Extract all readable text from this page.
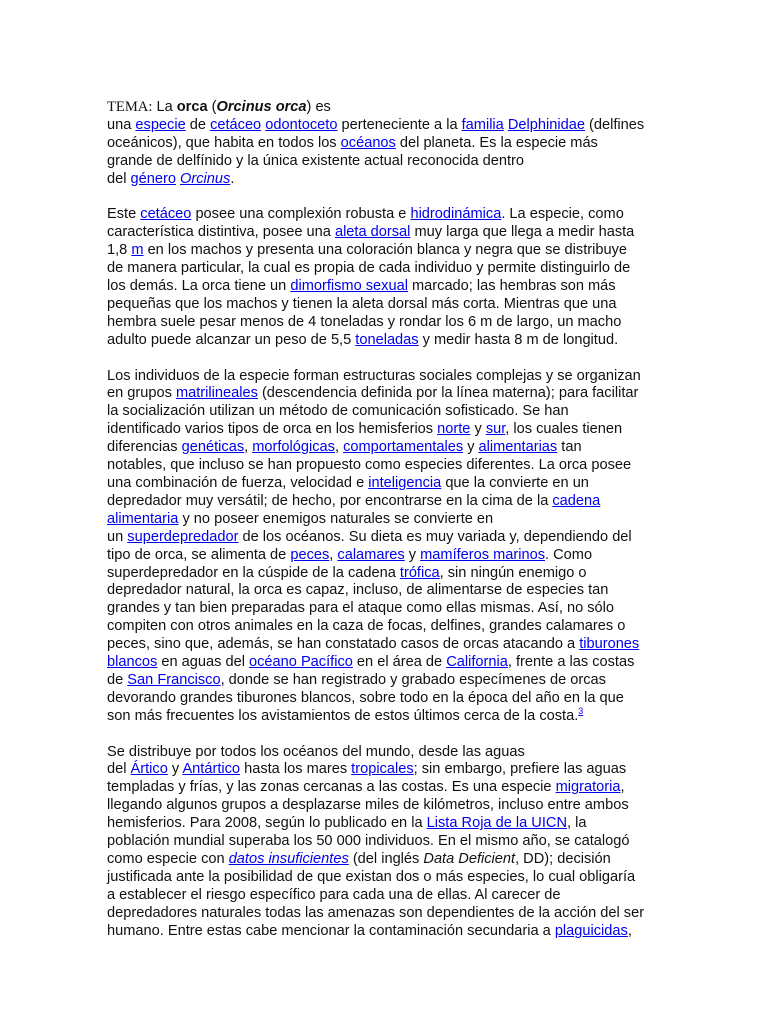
TEMA: La orca (Orcinus orca) es
una especie de cetáceo odontoceto perteneciente a la familia Delphinidae (delfines
oceánicos), que habita en todos los océanos del planeta. Es la especie más
grande de delfínido y la única existente actual reconocida dentro
del género Orcinus.

Este cetáceo posee una complexión robusta e hidrodinámica. La especie, como
característica distintiva, posee una aleta dorsal muy larga que llega a medir hasta
1,8 m en los machos y presenta una coloración blanca y negra que se distribuye
de manera particular, la cual es propia de cada individuo y permite distinguirlo de
los demás. La orca tiene un dimorfismo sexual marcado; las hembras son más
pequeñas que los machos y tienen la aleta dorsal más corta. Mientras que una
hembra suele pesar menos de 4 toneladas y rondar los 6 m de largo, un macho
adulto puede alcanzar un peso de 5,5 toneladas y medir hasta 8 m de longitud.

Los individuos de la especie forman estructuras sociales complejas y se organizan
en grupos matrilineales (descendencia definida por la línea materna); para facilitar
la socialización utilizan un método de comunicación sofisticado. Se han
identificado varios tipos de orca en los hemisferios norte y sur, los cuales tienen
diferencias genéticas, morfológicas, comportamentales y alimentarias tan
notables, que incluso se han propuesto como especies diferentes. La orca posee
una combinación de fuerza, velocidad e inteligencia que la convierte en un
depredador muy versátil; de hecho, por encontrarse en la cima de la cadena
alimentaria y no poseer enemigos naturales se convierte en
un superdepredador de los océanos. Su dieta es muy variada y, dependiendo del
tipo de orca, se alimenta de peces, calamares y mamíferos marinos. Como
superdepredador en la cúspide de la cadena trófica, sin ningún enemigo o
depredador natural, la orca es capaz, incluso, de alimentarse de especies tan
grandes y tan bien preparadas para el ataque como ellas mismas. Así, no sólo
compiten con otros animales en la caza de focas, delfines, grandes calamares o
peces, sino que, además, se han constatado casos de orcas atacando a tiburones
blancos en aguas del océano Pacífico en el área de California, frente a las costas
de San Francisco, donde se han registrado y grabado especímenes de orcas
devorando grandes tiburones blancos, sobre todo en la época del año en la que
son más frecuentes los avistamientos de estos últimos cerca de la costa.$^3$

Se distribuye por todos los océanos del mundo, desde las aguas
del Ártico y Antártico hasta los mares tropicales; sin embargo, prefiere las aguas
templadas y frías, y las zonas cercanas a las costas. Es una especie migratoria,
llegando algunos grupos a desplazarse miles de kilómetros, incluso entre ambos
hemisferios. Para 2008, según lo publicado en la Lista Roja de la UICN, la
población mundial superaba los 50 000 individuos. En el mismo año, se catalogó
como especie con datos insuficientes (del inglés Data Deficient, DD); decisión
justificada ante la posibilidad de que existan dos o más especies, lo cual obligaría
a establecer el riesgo específico para cada una de ellas. Al carecer de
depredadores naturales todas las amenazas son dependientes de la acción del ser
humano. Entre estas cabe mencionar la contaminación secundaria a plaguicidas,
